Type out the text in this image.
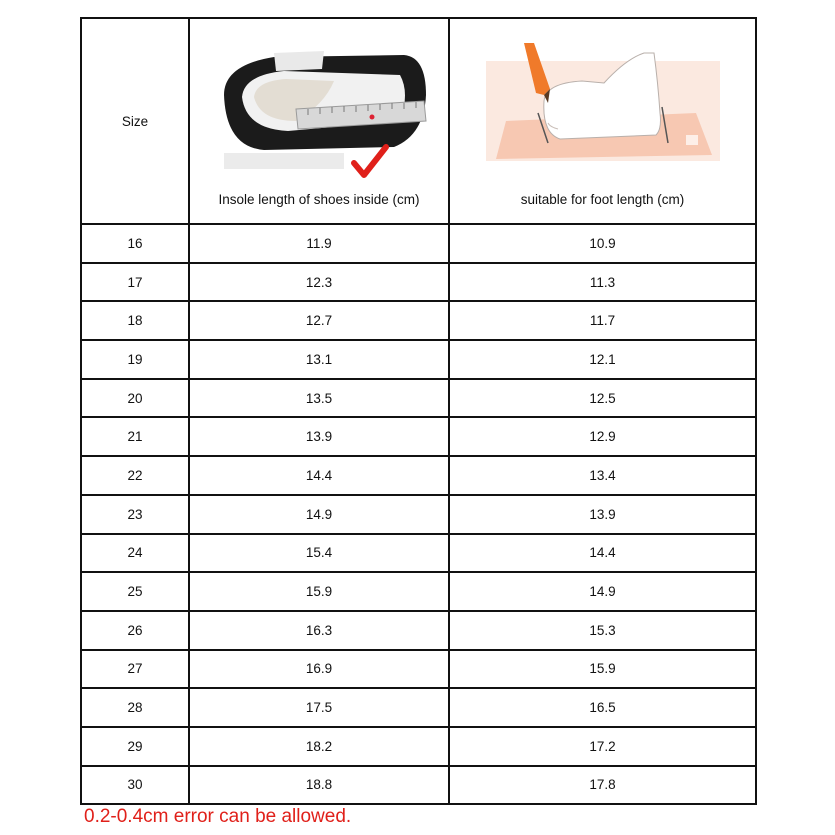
Size	Insole length of shoes inside (cm)	suitable for foot length (cm)

16	11.9	10.9
17	12.3	11.3
18	12.7	11.7
19	13.1	12.1
20	13.5	12.5
21	13.9	12.9
22	14.4	13.4
23	14.9	13.9
24	15.4	14.4
25	15.9	14.9
26	16.3	15.3
27	16.9	15.9
28	17.5	16.5
29	18.2	17.2
30	18.8	17.8
0.2-0.4cm error can be allowed.
